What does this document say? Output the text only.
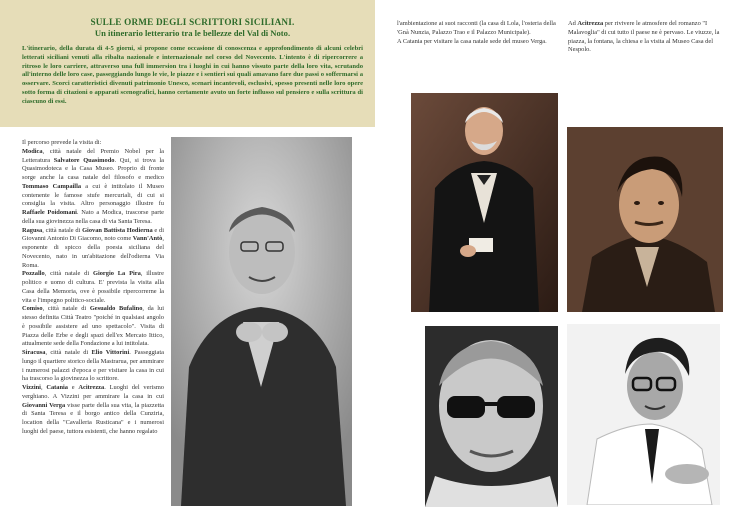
SULLE ORME DEGLI SCRITTORI SICILIANI.

Un itinerario letterario tra le bellezze del Val di Noto.

L'itinerario, della durata di 4-5 giorni, si propone come occasione di conoscenza e approfondimento di alcuni celebri letterati siciliani venuti alla ribalta nazionale e internazionale nel corso del Novecento. L'intento è di ripercorrere a ritroso le loro carriere, attraverso una full immersion tra i luoghi in cui hanno vissuto parte della loro vita, scrutando all'interno delle loro case, passeggiando lungo le vie, le piazze e i sentieri sui quali amavano fare due passi o soffermarsi a osservare. Scorci caratteristici divenuti patrimonio Unesco, scenari incantevoli, esclusivi, spesso presenti nelle loro opere sotto forma di citazioni o apparati scenografici, hanno certamente avuto un forte influsso sul pensiero e sulla scrittura di ciascuno di essi.

Il percorso prevede la visita di:

Modica, città natale del Premio Nobel per la Letteratura Salvatore Quasimodo. Qui, si trova la Quasimodoteca e la Casa Museo. Proprio di fronte sorge anche la casa natale del filosofo e medico Tommaso Campailla a cui è intitolato il Museo contenente le famose stufe mercuriali, di cui si consiglia la visita. Altro personaggio illustre fu Raffaele Poidomani. Nato a Modica, trascorse parte della sua giovinezza nella casa di via Santa Teresa.

Ragusa, città natale di Giovan Battista Hodierna e di Giovanni Antonio Di Giacomo, noto come Vann'Antò, esponente di spicco della poesia siciliana del Novecento, nato in un'abitazione dell'odierna Via Roma.

Pozzallo, città natale di Giorgio La Pira, illustre politico e uomo di cultura. E' prevista la visita alla Casa della Memoria, ove è possibile ripercorrerne la vita e l'impegno politico-sociale.

Comiso, città natale di Gesualdo Bufalino, da lui stesso definita Città Teatro "poiché in qualsiasi angolo è possibile assistere ad uno spettacolo". Visita di Piazza delle Erbe e degli spazi dell'ex Mercato Ittico, attualmente sede della Fondazione a lui intitolata.

Siracusa, città natale di Elio Vittorini. Passeggiata lungo il quartiere storico della Mastrarua, per ammirare i numerosi palazzi d'epoca e per visitare la casa in cui ha trascorso la giovinezza lo scrittore.

Vizzini, Catania e Acitrezza. Luoghi del verismo verghiano. A Vizzini per ammirare la casa in cui Giovanni Verga visse parte della sua vita, la piazzetta di Santa Teresa e il borgo antico della Cunziria, location della "Cavalleria Rusticana" e i numerosi luoghi del paese, tuttora esistenti, che hanno regalato

l'ambientazione ai suoi racconti (la casa di Lola, l'osteria della 'Gnà Nunzia, Palazzo Trao e il Palazzo Municipale).

A Catania per visitare la casa natale sede del museo Verga.

Ad Acitrezza per rivivere le atmosfere del romanzo "I Malavoglia" di cui tutto il paese ne è pervaso. Le viuzze, la piazza, la fontana, la chiesa e la visita al Museo Casa del Nespolo.
